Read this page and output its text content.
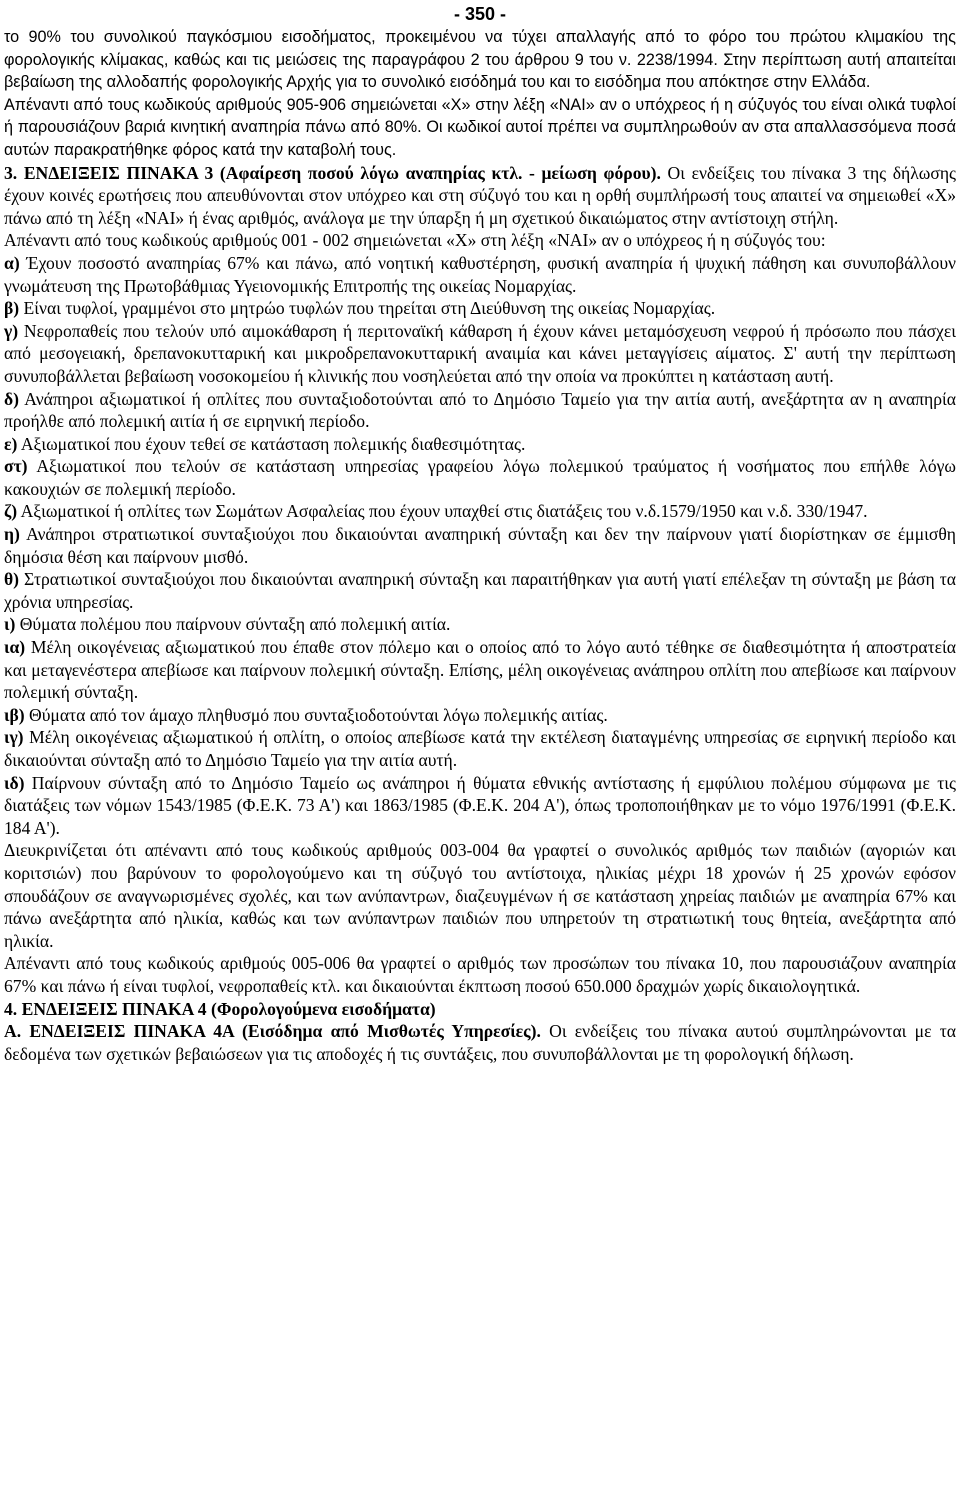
- 350 -

το 90% του συνολικού παγκόσμιου εισοδήματος, προκειμένου να τύχει απαλλαγής από το φόρο του πρώτου κλιμακίου της φορολογικής κλίμακας, καθώς και τις μειώσεις της παραγράφου 2 του άρθρου 9 του ν. 2238/1994. Στην περίπτωση αυτή απαιτείται βεβαίωση της αλλοδαπής φορολογικής Αρχής για το συνολικό εισόδημά του και το εισόδημα που απόκτησε στην Ελλάδα.

Απέναντι από τους κωδικούς αριθμούς 905-906 σημειώνεται «Χ» στην λέξη «ΝΑΙ» αν ο υπόχρεος ή η σύζυγός του είναι ολικά τυφλοί ή παρουσιάζουν βαριά κινητική αναπηρία πάνω από 80%. Οι κωδικοί αυτοί πρέπει να συμπληρωθούν αν στα απαλλασσόμενα ποσά αυτών παρακρατήθηκε φόρος κατά την καταβολή τους.

3. ΕΝΔΕΙΞΕΙΣ ΠΙΝΑΚΑ 3 (Αφαίρεση ποσού λόγω αναπηρίας κτλ. - μείωση φόρου). Οι ενδείξεις του πίνακα 3 της δήλωσης έχουν κοινές ερωτήσεις που απευθύνονται στον υπόχρεο και στη σύζυγό του και η ορθή συμπλήρωσή τους απαιτεί να σημειωθεί «Χ» πάνω από τη λέξη «ΝΑΙ» ή ένας αριθμός, ανάλογα με την ύπαρξη ή μη σχετικού δικαιώματος στην αντίστοιχη στήλη.

Απέναντι από τους κωδικούς αριθμούς 001 - 002 σημειώνεται «Χ» στη λέξη «ΝΑΙ» αν ο υπόχρεος ή η σύζυγός του:

α) Έχουν ποσοστό αναπηρίας 67% και πάνω, από νοητική καθυστέρηση, φυσική αναπηρία ή ψυχική πάθηση και συνυποβάλλουν γνωμάτευση της Πρωτοβάθμιας Υγειονομικής Επιτροπής της οικείας Νομαρχίας.

β) Είναι τυφλοί, γραμμένοι στο μητρώο τυφλών που τηρείται στη Διεύθυνση της οικείας Νομαρχίας.

γ) Νεφροπαθείς που τελούν υπό αιμοκάθαρση ή περιτοναϊκή κάθαρση ή έχουν κάνει μεταμόσχευση νεφρού ή πρόσωπο που πάσχει από μεσογειακή, δρεπανοκυτταρική και μικροδρεπανοκυτταρική αναιμία και κάνει μεταγγίσεις αίματος. Σ' αυτή την περίπτωση συνυποβάλλεται βεβαίωση νοσοκομείου ή κλινικής που νοσηλεύεται από την οποία να προκύπτει η κατάσταση αυτή.

δ) Ανάπηροι αξιωματικοί ή οπλίτες που συνταξιοδοτούνται από το Δημόσιο Ταμείο για την αιτία αυτή, ανεξάρτητα αν η αναπηρία προήλθε από πολεμική αιτία ή σε ειρηνική περίοδο.

ε) Αξιωματικοί που έχουν τεθεί σε κατάσταση πολεμικής διαθεσιμότητας.

στ) Αξιωματικοί που τελούν σε κατάσταση υπηρεσίας γραφείου λόγω πολεμικού τραύματος ή νοσήματος που επήλθε λόγω κακουχιών σε πολεμική περίοδο.

ζ) Αξιωματικοί ή οπλίτες των Σωμάτων Ασφαλείας που έχουν υπαχθεί στις διατάξεις του ν.δ.1579/1950 και ν.δ. 330/1947.

η) Ανάπηροι στρατιωτικοί συνταξιούχοι που δικαιούνται αναπηρική σύνταξη και δεν την παίρνουν γιατί διορίστηκαν σε έμμισθη δημόσια θέση και παίρνουν μισθό.

θ) Στρατιωτικοί συνταξιούχοι που δικαιούνται αναπηρική σύνταξη και παραιτήθηκαν για αυτή γιατί επέλεξαν τη σύνταξη με βάση τα χρόνια υπηρεσίας.

ι) Θύματα πολέμου που παίρνουν σύνταξη από πολεμική αιτία.

ια) Μέλη οικογένειας αξιωματικού που έπαθε στον πόλεμο και ο οποίος από το λόγο αυτό τέθηκε σε διαθεσιμότητα ή αποστρατεία και μεταγενέστερα απεβίωσε και παίρνουν πολεμική σύνταξη. Επίσης, μέλη οικογένειας ανάπηρου οπλίτη που απεβίωσε και παίρνουν πολεμική σύνταξη.

ιβ) Θύματα από τον άμαχο πληθυσμό που συνταξιοδοτούνται λόγω πολεμικής αιτίας.

ιγ) Μέλη οικογένειας αξιωματικού ή οπλίτη, ο οποίος απεβίωσε κατά την εκτέλεση διαταγμένης υπηρεσίας σε ειρηνική περίοδο και δικαιούνται σύνταξη από το Δημόσιο Ταμείο για την αιτία αυτή.

ιδ) Παίρνουν σύνταξη από το Δημόσιο Ταμείο ως ανάπηροι ή θύματα εθνικής αντίστασης ή εμφύλιου πολέμου σύμφωνα με τις διατάξεις των νόμων 1543/1985 (Φ.Ε.Κ. 73 Α') και 1863/1985 (Φ.Ε.Κ. 204 Α'), όπως τροποποιήθηκαν με το νόμο 1976/1991 (Φ.Ε.Κ. 184 Α').

Διευκρινίζεται ότι απέναντι από τους κωδικούς αριθμούς 003-004 θα γραφτεί ο συνολικός αριθμός των παιδιών (αγοριών και κοριτσιών) που βαρύνουν το φορολογούμενο και τη σύζυγό του αντίστοιχα, ηλικίας μέχρι 18 χρονών ή 25 χρονών εφόσον σπουδάζουν σε αναγνωρισμένες σχολές, και των ανύπαντρων, διαζευγμένων ή σε κατάσταση χηρείας παιδιών με αναπηρία 67% και πάνω ανεξάρτητα από ηλικία, καθώς και των ανύπαντρων παιδιών που υπηρετούν τη στρατιωτική τους θητεία, ανεξάρτητα από ηλικία.

Απέναντι από τους κωδικούς αριθμούς 005-006 θα γραφτεί ο αριθμός των προσώπων του πίνακα 10, που παρουσιάζουν αναπηρία 67% και πάνω ή είναι τυφλοί, νεφροπαθείς κτλ. και δικαιούνται έκπτωση ποσού 650.000 δραχμών χωρίς δικαιολογητικά.

4. ΕΝΔΕΙΞΕΙΣ ΠΙΝΑΚΑ 4 (Φορολογούμενα εισοδήματα)

Α. ΕΝΔΕΙΞΕΙΣ ΠΙΝΑΚΑ 4Α (Εισόδημα από Μισθωτές Υπηρεσίες). Οι ενδείξεις του πίνακα αυτού συμπληρώνονται με τα δεδομένα των σχετικών βεβαιώσεων για τις αποδοχές ή τις συντάξεις, που συνυποβάλλονται με τη φορολογική δήλωση.
